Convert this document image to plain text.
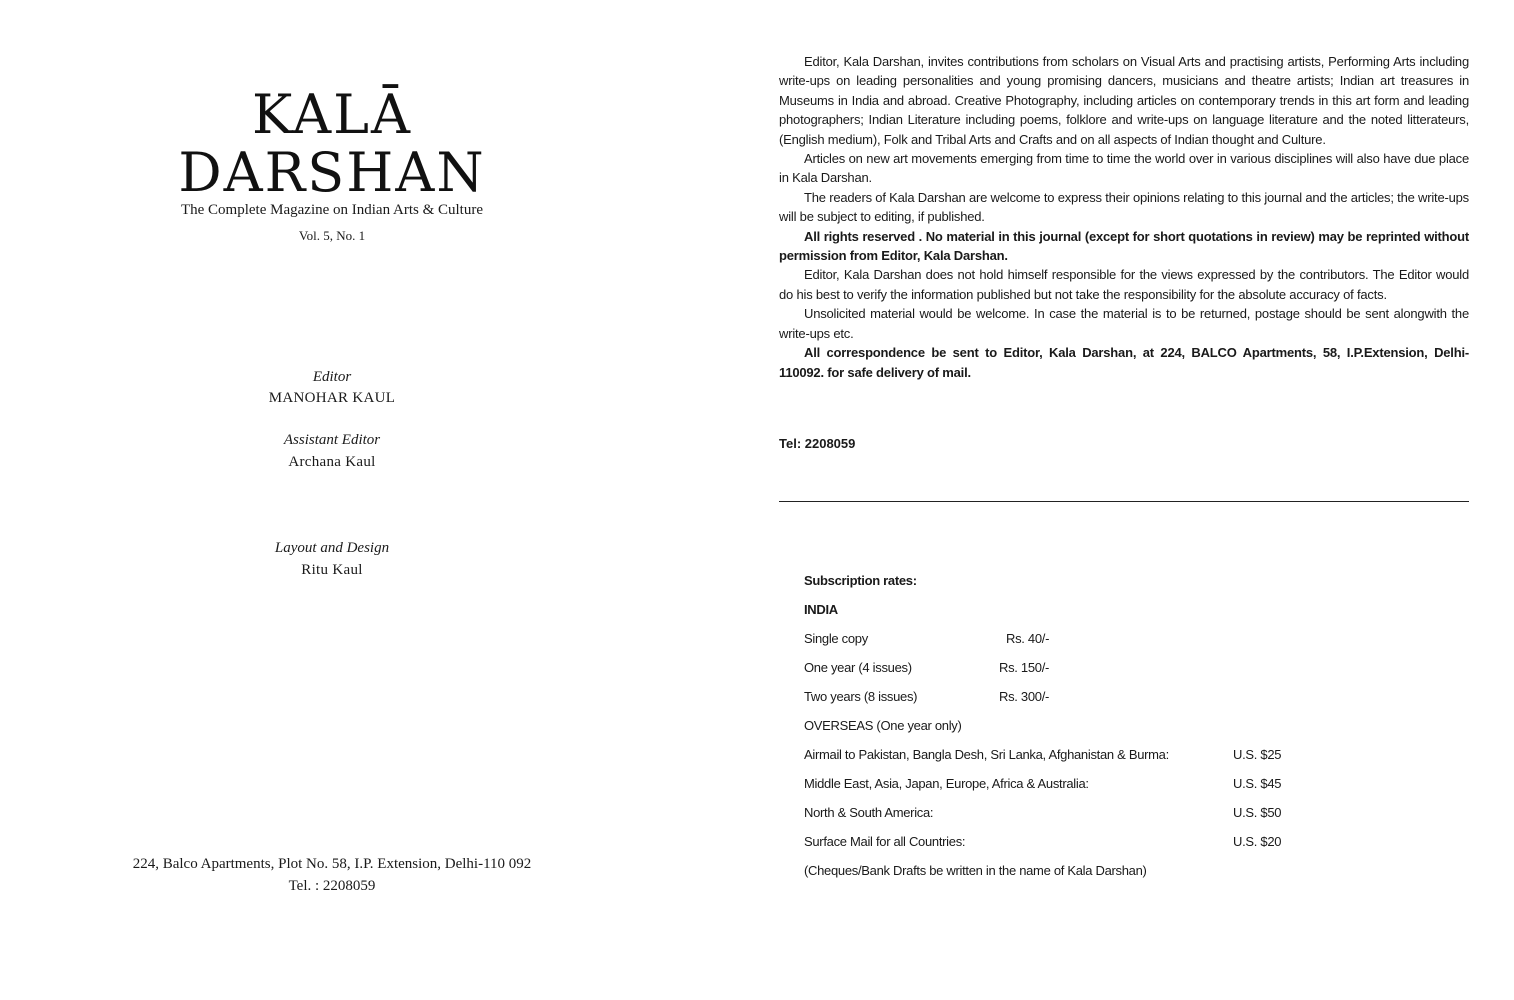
KALĀ
DARSHAN
The Complete Magazine on Indian Arts & Culture
Vol. 5, No. 1
Editor
MANOHAR KAUL
Assistant Editor
Archana Kaul
Layout and Design
Ritu Kaul
224, Balco Apartments, Plot No. 58, I.P. Extension, Delhi-110 092
Tel. : 2208059

Editor, Kala Darshan, invites contributions from scholars on Visual Arts and practising artists, Performing Arts including write-ups on leading personalities and young promising dancers, musicians and theatre artists; Indian art treasures in Museums in India and abroad. Creative Photography, including articles on contemporary trends in this art form and leading photographers; Indian Literature including poems, folklore and write-ups on language literature and the noted litterateurs, (English medium), Folk and Tribal Arts and Crafts and on all aspects of Indian thought and Culture.

Articles on new art movements emerging from time to time the world over in various disciplines will also have due place in Kala Darshan.

The readers of Kala Darshan are welcome to express their opinions relating to this journal and the articles; the write-ups will be subject to editing, if published.

All rights reserved . No material in this journal (except for short quotations in review) may be reprinted without permission from Editor, Kala Darshan.

Editor, Kala Darshan does not hold himself responsible for the views expressed by the contributors. The Editor would do his best to verify the information published but not take the responsibility for the absolute accuracy of facts.

Unsolicited material would be welcome. In case the material is to be returned, postage should be sent alongwith the write-ups etc.

All correspondence be sent to Editor, Kala Darshan, at 224, BALCO Apartments, 58, I.P.Extension, Delhi-110092. for safe delivery of mail.

Tel: 2208059
Subscription rates:
INDIA
Single copy	Rs. 40/-
One year (4 issues)	Rs. 150/-
Two years (8 issues)	Rs. 300/-
OVERSEAS (One year only)
Airmail to Pakistan, Bangla Desh, Sri Lanka, Afghanistan & Burma:	U.S. $25
Middle East, Asia, Japan, Europe, Africa & Australia:	U.S. $45
North & South America:	U.S. $50
Surface Mail for all Countries:	U.S. $20
(Cheques/Bank Drafts be written in the name of Kala Darshan)
